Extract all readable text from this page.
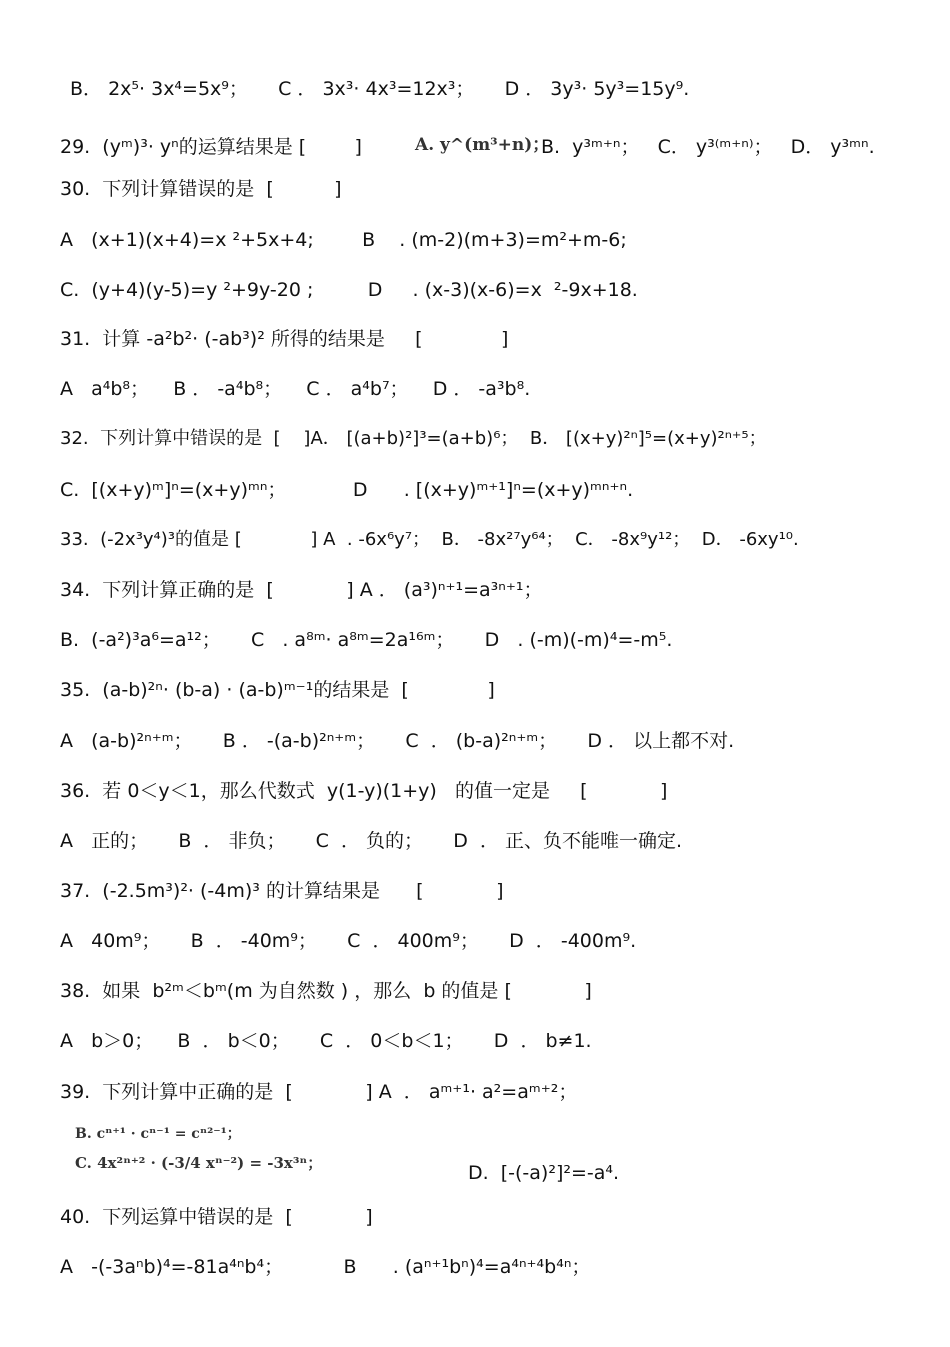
B． 2x⁵· 3x⁴=5x⁹；     C ． 3x³· 4x³=12x³；     D ． 3y³· 5y³=15y⁹.
29.  (yᵐ)³· yⁿ的运算结果是 [        ]	A. y^(m³+n)；
B.  y³ᵐ⁺ⁿ；   C． y³⁽ᵐ⁺ⁿ⁾；   D． y³ᵐⁿ.
30.  下列计算错误的是  [          ]
A   (x+1)(x+4)=x ²+5x+4;        B    . (m-2)(m+3)=m²+m-6;
C.  (y+4)(y-5)=y ²+9y-20 ;         D     . (x-3)(x-6)=x  ²-9x+18.
31.  计算 -a²b²· (-ab³)² 所得的结果是     [             ]
A   a⁴b⁸；    B ． -a⁴b⁸；    C ． a⁴b⁷；    D ． -a³b⁸.
32.  下列计算中错误的是  [    ]A． [(a+b)²]³=(a+b)⁶；  B． [(x+y)²ⁿ]⁵=(x+y)²ⁿ⁺⁵；
C.  [(x+y)ᵐ]ⁿ=(x+y)ᵐⁿ；           D      . [(x+y)ᵐ⁺¹]ⁿ=(x+y)ᵐⁿ⁺ⁿ.
33.  (-2x³y⁴)³的值是 [            ] A  . -6x⁶y⁷；  B． -8x²⁷y⁶⁴；  C． -8x⁹y¹²；  D． -6xy¹⁰.
34.  下列计算正确的是  [            ] A ． (a³)ⁿ⁺¹=a³ⁿ⁺¹；
B.  (-a²)³a⁶=a¹²；     C   . a⁸ᵐ· a⁸ᵐ=2a¹⁶ᵐ；     D   . (-m)(-m)⁴=-m⁵.
35.  (a-b)²ⁿ· (b-a) · (a-b)ᵐ⁻¹的结果是  [             ]
A   (a-b)²ⁿ⁺ᵐ；     B ． -(a-b)²ⁿ⁺ᵐ；     C  ． (b-a)²ⁿ⁺ᵐ；     D ． 以上都不对.
36.  若 0＜y＜1，那么代数式  y(1-y)(1+y)   的值一定是     [            ]
A   正的；     B  ． 非负；     C  ． 负的；     D  ． 正、负不能唯一确定.
37.  (-2.5m³)²· (-4m)³ 的计算结果是      [            ]
A   40m⁹；     B  ． -40m⁹；     C  ． 400m⁹；     D  ． -400m⁹.
38.  如果  b²ᵐ＜bᵐ(m 为自然数 ) ，那么  b 的值是 [            ]
A   b＞0；    B  ． b＜0；     C  ． 0＜b＜1；     D  ． b≠1.
39.  下列计算中正确的是  [            ] A  ． aᵐ⁺¹· a²=aᵐ⁺²；
B. cⁿ⁺¹ · cⁿ⁻¹ = cⁿ²⁻¹；
C. 4x²ⁿ⁺² · (-3/4 xⁿ⁻²) = -3x³ⁿ；	D.  [-(-a)²]²=-a⁴.
40.  下列运算中错误的是  [            ]
A   -(-3aⁿb)⁴=-81a⁴ⁿb⁴；          B      . (aⁿ⁺¹bⁿ)⁴=a⁴ⁿ⁺⁴b⁴ⁿ；
